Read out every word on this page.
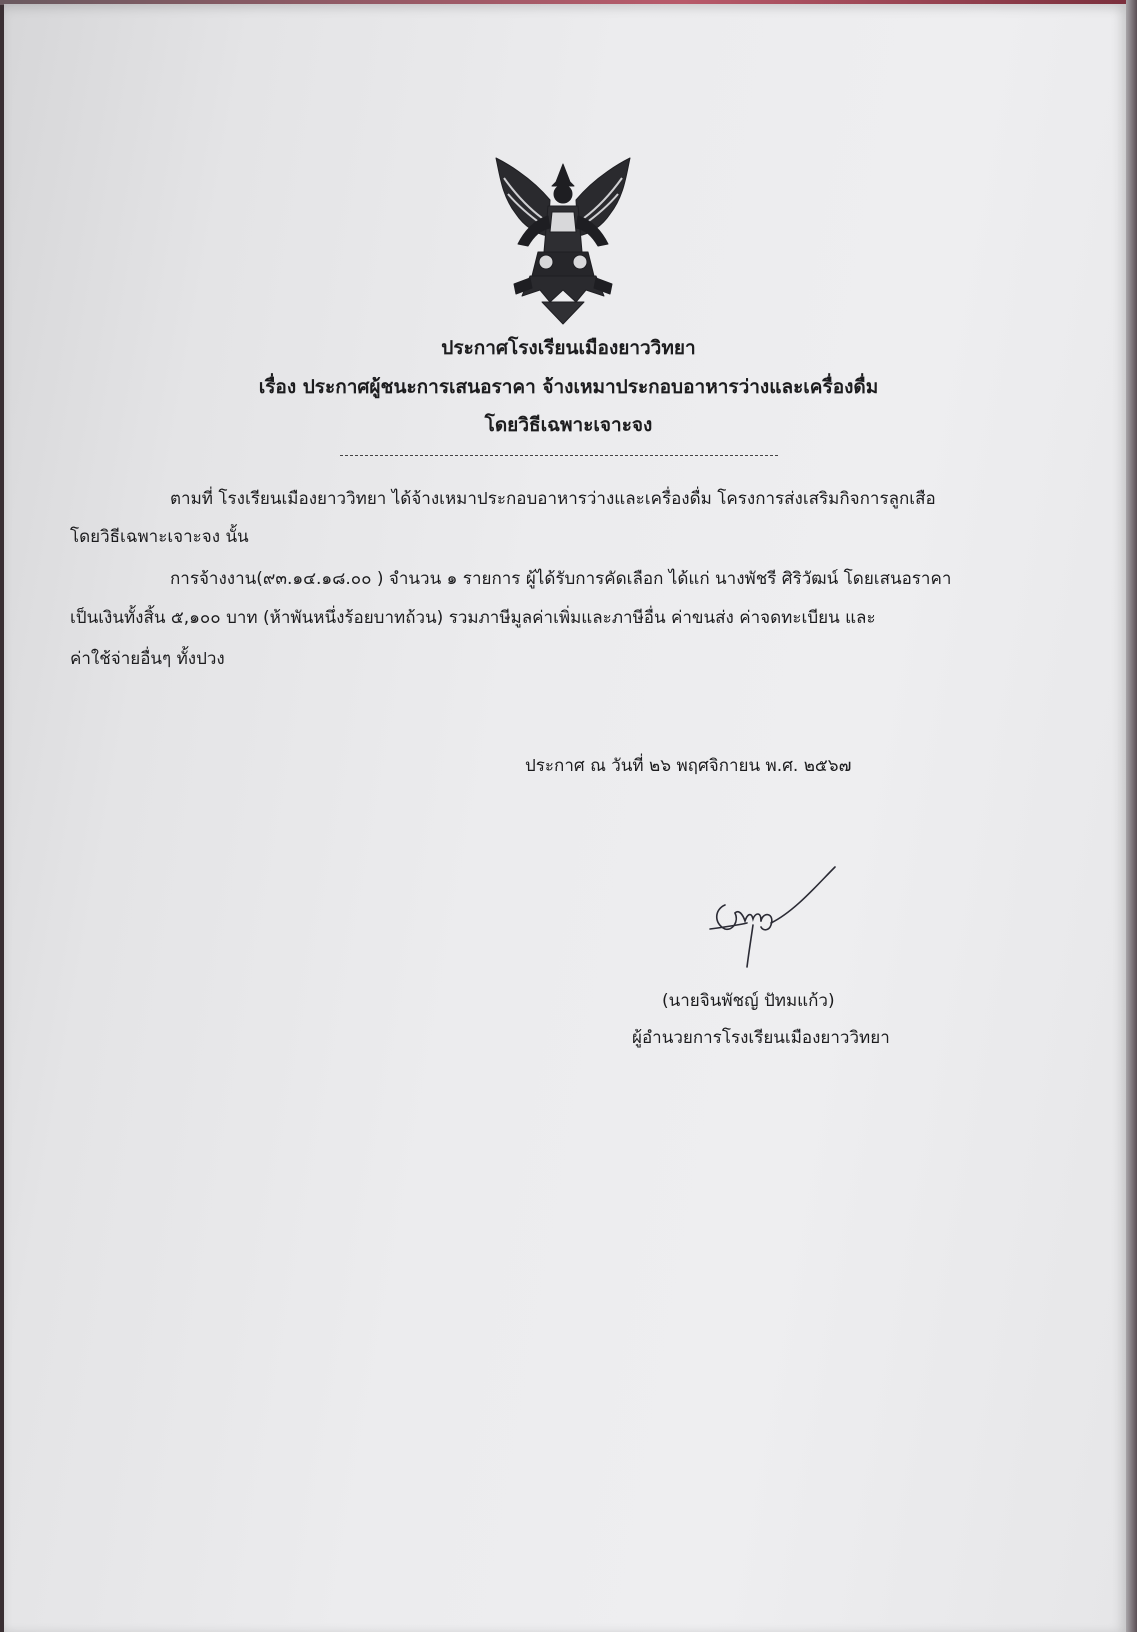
ประกาศโรงเรียนเมืองยาววิทยา
เรื่อง ประกาศผู้ชนะการเสนอราคา จ้างเหมาประกอบอาหารว่างและเครื่องดื่ม
โดยวิธีเฉพาะเจาะจง
ตามที่ โรงเรียนเมืองยาววิทยา ได้จ้างเหมาประกอบอาหารว่างและเครื่องดื่ม โครงการส่งเสริมกิจการลูกเสือ
โดยวิธีเฉพาะเจาะจง นั้น
การจ้างงาน(๙๓.๑๔.๑๘.๐๐ ) จำนวน ๑ รายการ ผู้ได้รับการคัดเลือก ได้แก่ นางพัชรี ศิริวัฒน์ โดยเสนอราคา
เป็นเงินทั้งสิ้น ๕,๑๐๐ บาท (ห้าพันหนึ่งร้อยบาทถ้วน) รวมภาษีมูลค่าเพิ่มและภาษีอื่น ค่าขนส่ง ค่าจดทะเบียน และ
ค่าใช้จ่ายอื่นๆ ทั้งปวง
ประกาศ ณ วันที่ ๒๖ พฤศจิกายน พ.ศ. ๒๕๖๗
(นายจินพัชญ์ ปัทมแก้ว)
ผู้อำนวยการโรงเรียนเมืองยาววิทยา
